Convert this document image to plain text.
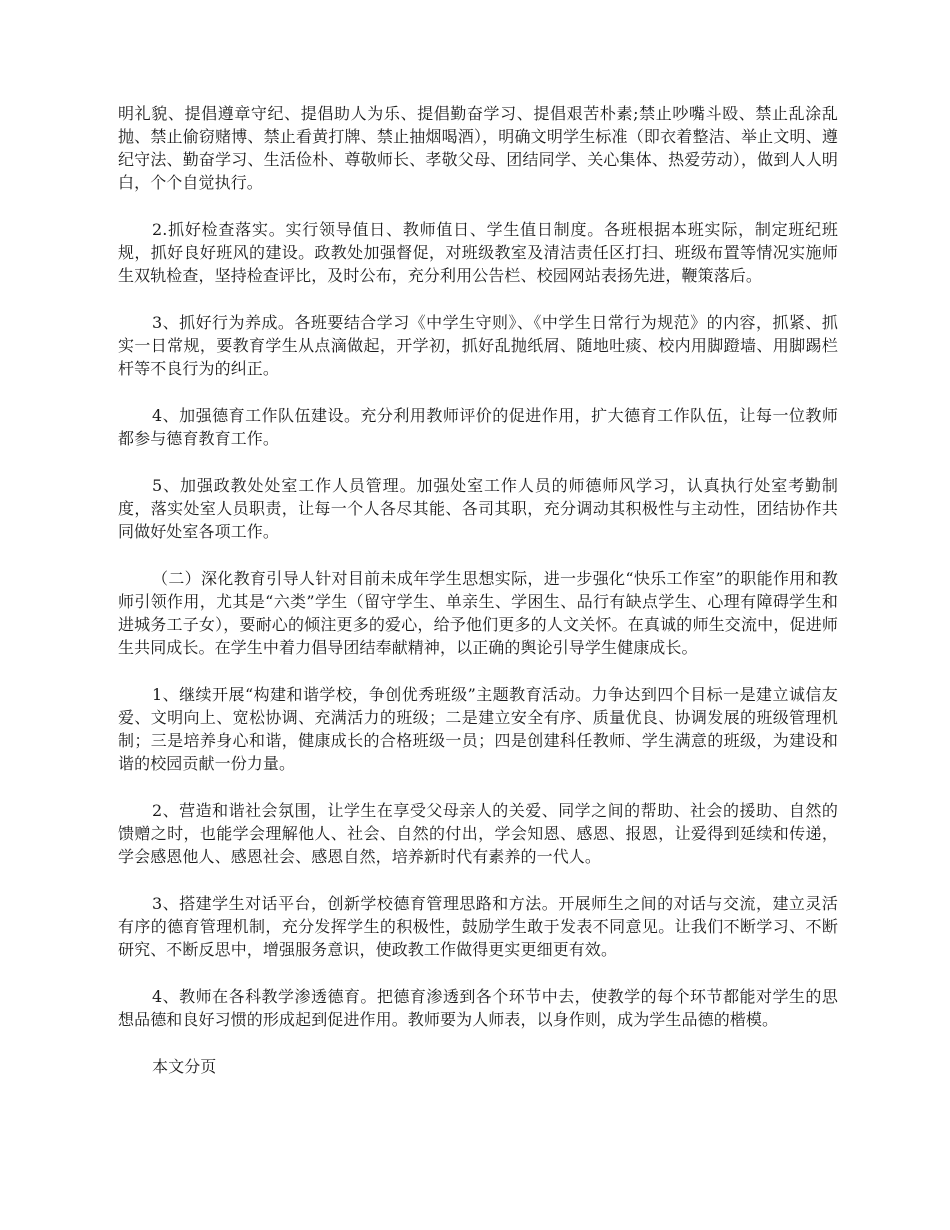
明礼貌、提倡遵章守纪、提倡助人为乐、提倡勤奋学习、提倡艰苦朴素;禁止吵嘴斗殴、禁止乱涂乱抛、禁止偷窃赌博、禁止看黄打牌、禁止抽烟喝酒），明确文明学生标准（即衣着整洁、举止文明、遵纪守法、勤奋学习、生活俭朴、尊敬师长、孝敬父母、团结同学、关心集体、热爱劳动），做到人人明白，个个自觉执行。

2.抓好检查落实。实行领导值日、教师值日、学生值日制度。各班根据本班实际，制定班纪班规，抓好良好班风的建设。政教处加强督促，对班级教室及清洁责任区打扫、班级布置等情况实施师生双轨检查，坚持检查评比，及时公布，充分利用公告栏、校园网站表扬先进，鞭策落后。

3、抓好行为养成。各班要结合学习《中学生守则》、《中学生日常行为规范》的内容，抓紧、抓实一日常规，要教育学生从点滴做起，开学初，抓好乱抛纸屑、随地吐痰、校内用脚蹬墙、用脚踢栏杆等不良行为的纠正。

4、加强德育工作队伍建设。充分利用教师评价的促进作用，扩大德育工作队伍，让每一位教师都参与德育教育工作。

5、加强政教处处室工作人员管理。加强处室工作人员的师德师风学习，认真执行处室考勤制度，落实处室人员职责，让每一个人各尽其能、各司其职，充分调动其积极性与主动性，团结协作共同做好处室各项工作。

（二）深化教育引导人针对目前未成年学生思想实际，进一步强化“快乐工作室”的职能作用和教师引领作用，尤其是“六类”学生（留守学生、单亲生、学困生、品行有缺点学生、心理有障碍学生和进城务工子女），要耐心的倾注更多的爱心，给予他们更多的人文关怀。在真诚的师生交流中，促进师生共同成长。在学生中着力倡导团结奉献精神，以正确的舆论引导学生健康成长。

1、继续开展“构建和谐学校，争创优秀班级”主题教育活动。力争达到四个目标一是建立诚信友爱、文明向上、宽松协调、充满活力的班级；二是建立安全有序、质量优良、协调发展的班级管理机制；三是培养身心和谐，健康成长的合格班级一员；四是创建科任教师、学生满意的班级，为建设和谐的校园贡献一份力量。

2、营造和谐社会氛围，让学生在享受父母亲人的关爱、同学之间的帮助、社会的援助、自然的馈赠之时，也能学会理解他人、社会、自然的付出，学会知恩、感恩、报恩，让爱得到延续和传递，学会感恩他人、感恩社会、感恩自然，培养新时代有素养的一代人。

3、搭建学生对话平台，创新学校德育管理思路和方法。开展师生之间的对话与交流，建立灵活有序的德育管理机制，充分发挥学生的积极性，鼓励学生敢于发表不同意见。让我们不断学习、不断研究、不断反思中，增强服务意识，使政教工作做得更实更细更有效。

4、教师在各科教学渗透德育。把德育渗透到各个环节中去，使教学的每个环节都能对学生的思想品德和良好习惯的形成起到促进作用。教师要为人师表，以身作则，成为学生品德的楷模。

本文分页
